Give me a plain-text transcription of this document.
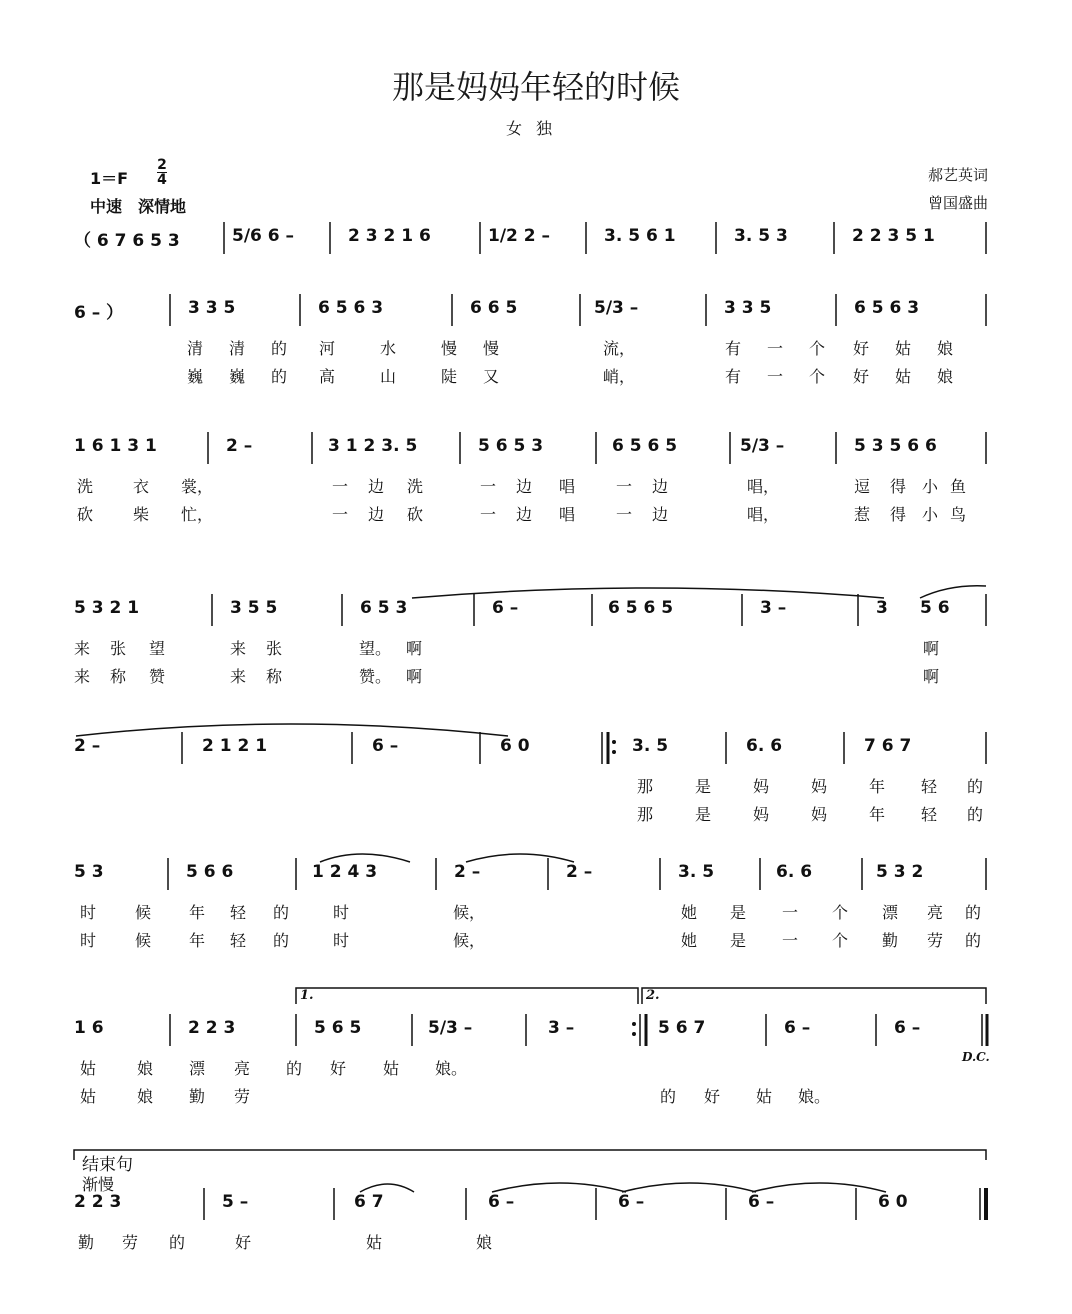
那是妈妈年轻的时候
女独
1＝F
2
4
中速　深情地
郝艺英词
曾国盛曲
（ 6 7 6 5 3	5/6 6 –	2 3 2 1 6	1/2 2 –	3. 5 6 1	3. 5 3	2 2 3 5 1
6 – ）	3 3 5	6 5 6 3	6 6 5	5/3 –	3 3 5	6 5 6 3
清 清 的	河	水	慢 慢	流，	有 一 个	好 姑 娘
巍 巍 的	高	山	陡 又	峭，	有 一 个	好 姑 娘
1 6 1 3 1	2 –	3 1 2 3. 5	5 6 5 3	6 5 6 5	5/3 –	5 3 5 6 6
洗 衣 裳，	一 边 洗	一 边 唱	一 边	唱，	逗 得 小 鱼
砍 柴 忙，	一 边 砍	一 边 唱	一 边	唱，	惹 得 小 鸟
5 3 2 1	3 5 5	6 5 3	6 –	6 5 6 5	3 –	3 5 6
来 张 望	来 张	望。 啊	啊
来 称 赞	来 称	赞。 啊	啊
2 –	2 1 2 1	6 –	6 0	3. 5	6. 6	7 6 7
那	是	妈	妈	年 轻 的
那	是	妈	妈	年 轻 的
5 3	5 6 6	1 2 4 3	2 –	2 –	3. 5	6. 6	5 3 2
时 候 年 轻 的	时	候，	她 是 一 个 漂 亮 的
时 候 年 轻 的	时	候，	她 是 一 个 勤 劳 的
1.	2.
1 6	2 2 3	5 6 5	5/3 –	3 –	5 6 7	6 –	6 –
D.C.
姑	娘 漂 亮 的 好 姑 娘。
姑	娘 勤 劳	的 好 姑 娘。
结束句
渐慢
2 2 3	5 –	6 7	6 –	6 –	6 –	6 0
勤 劳 的	好	姑	娘
